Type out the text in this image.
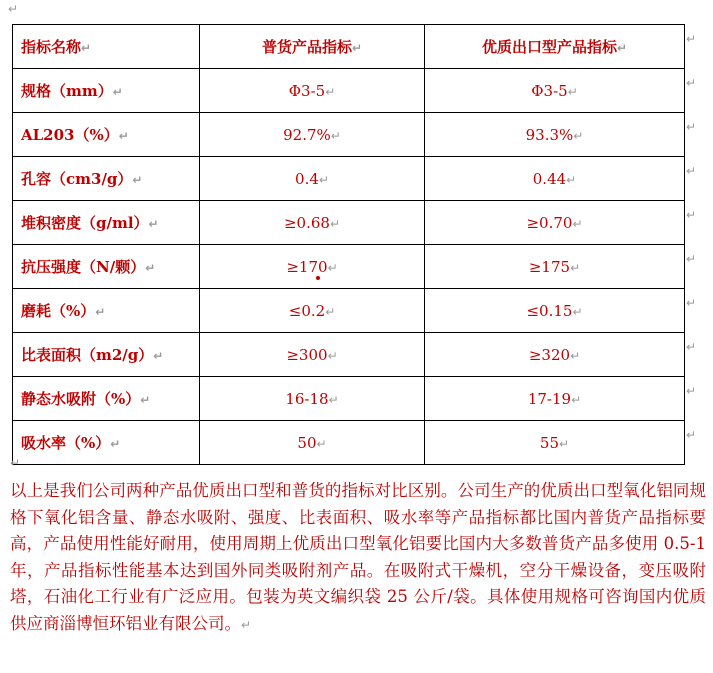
↵
指标名称↵	普货产品指标↵	优质出口型产品指标↵
规格（mm）↵	Φ3-5↵	Φ3-5↵
AL203（%）↵	92.7%↵	93.3%↵
孔容（cm3/g）↵	0.4↵	0.44↵
堆积密度（g/ml）↵	≥0.68↵	≥0.70↵
抗压强度（N/颗）↵	≥170↵	≥175↵
磨耗（%）↵	≤0.2↵	≤0.15↵
比表面积（m2/g）↵	≥300↵	≥320↵
静态水吸附（%）↵	16-18↵	17-19↵
吸水率（%）↵	50↵	55↵
↵
↵
↵
↵
↵
↵
↵
↵
↵
↵
↵
以上是我们公司两种产品优质出口型和普货的指标对比区别。公司生产的优质出口型氧化铝同规格下氧化铝含量、静态水吸附、强度、比表面积、吸水率等产品指标都比国内普货产品指标要高，产品使用性能好耐用，使用周期上优质出口型氧化铝要比国内大多数普货产品多使用 0.5-1 年，产品指标性能基本达到国外同类吸附剂产品。在吸附式干燥机，空分干燥设备，变压吸附塔，石油化工行业有广泛应用。包装为英文编织袋 25 公斤/袋。具体使用规格可咨询国内优质供应商淄博恒环铝业有限公司。↵
